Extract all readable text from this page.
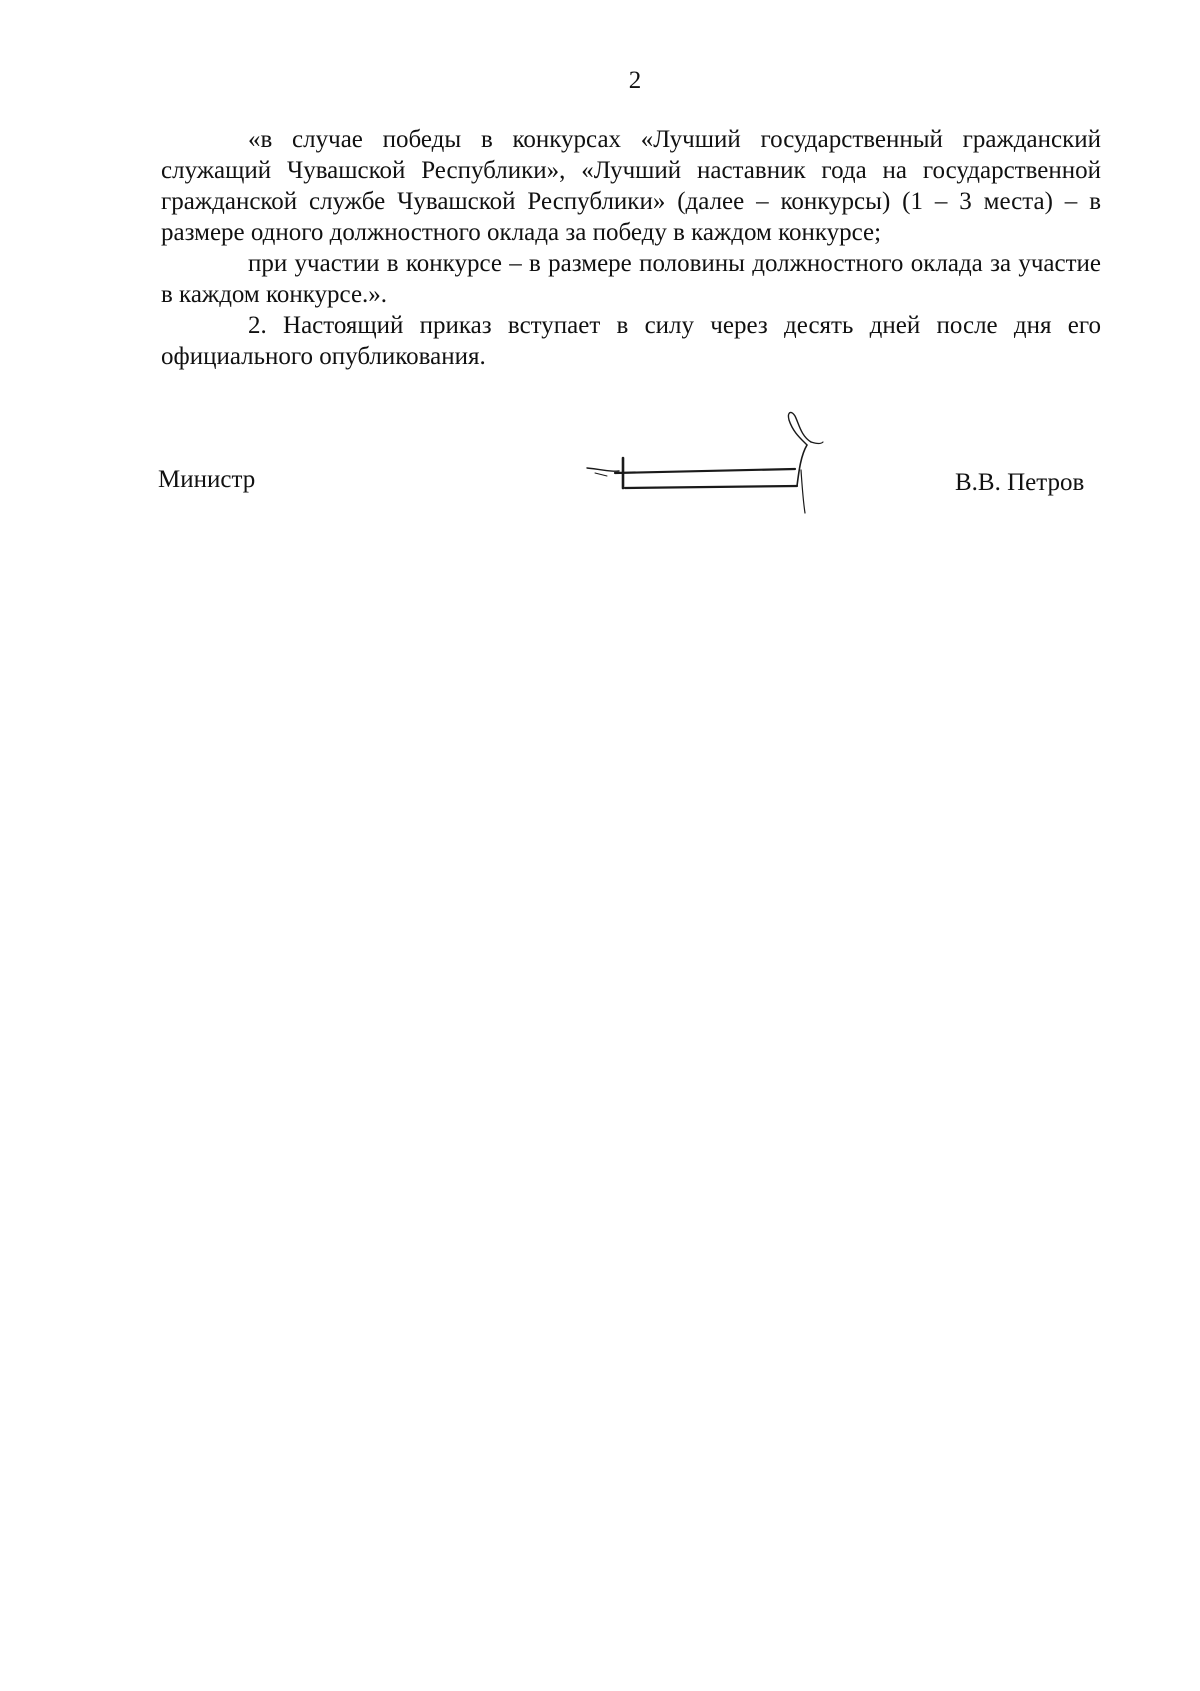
2

«в случае победы в конкурсах «Лучший государственный гражданский служащий Чувашской Республики», «Лучший наставник года на государственной гражданской службе Чувашской Республики» (далее – конкурсы) (1 – 3 места) – в размере одного должностного оклада за победу в каждом конкурсе;

при участии в конкурсе – в размере половины должностного оклада за участие в каждом конкурсе.».

2. Настоящий приказ вступает в силу через десять дней после дня его официального опубликования.

Министр	В.В. Петров
